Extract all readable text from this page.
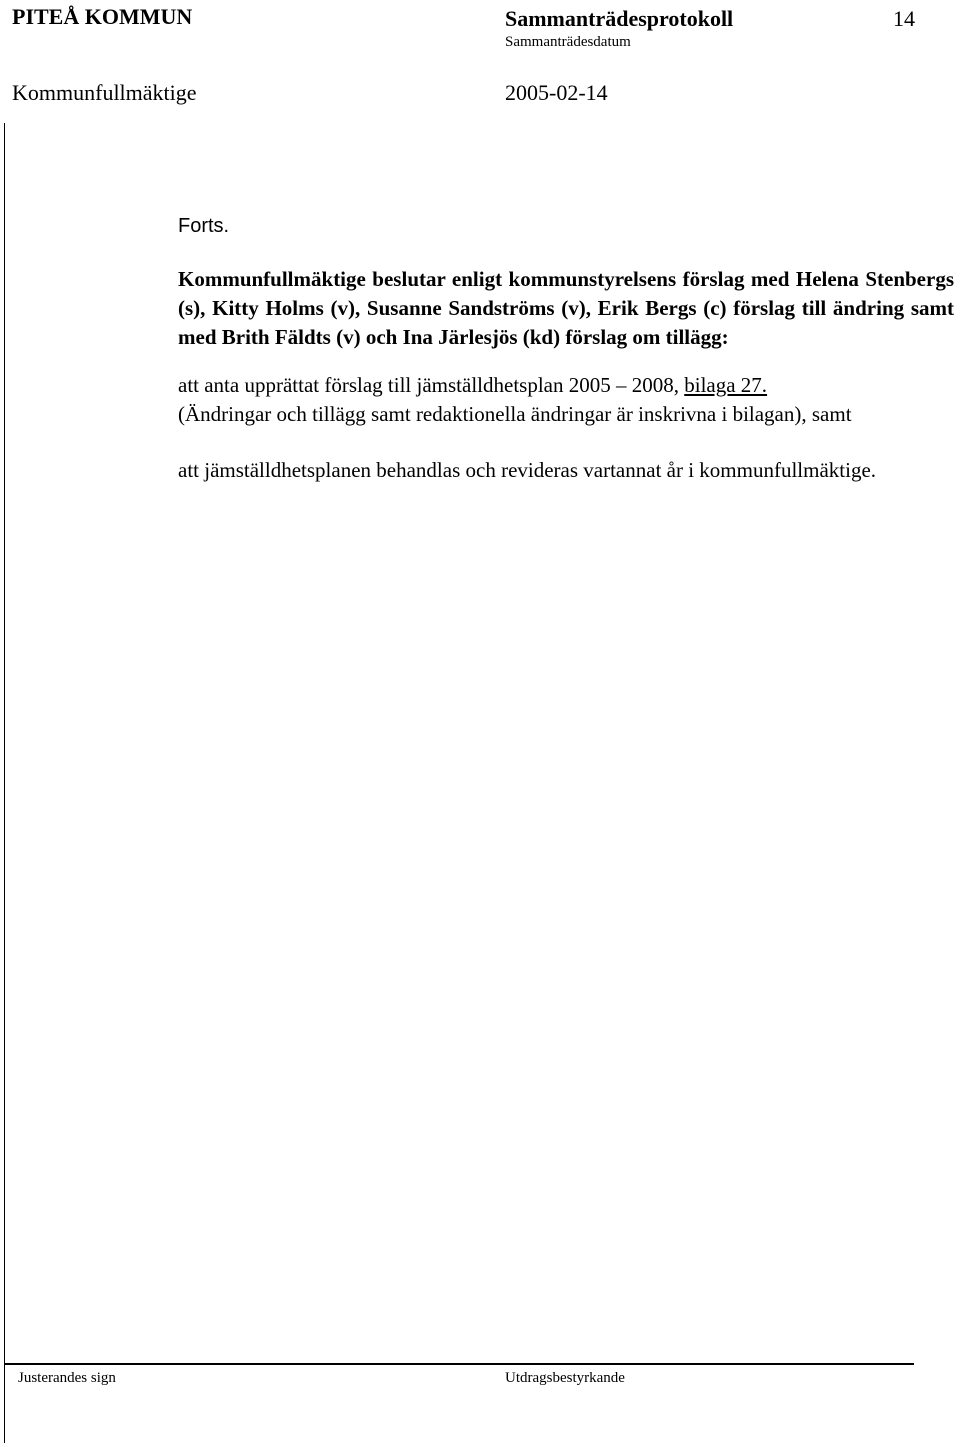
PITEÅ KOMMUN	Sammanträdesprotokoll	14
Sammanträdesdatum
Kommunfullmäktige	2005-02-14

Forts.

Kommunfullmäktige beslutar enligt kommunstyrelsens förslag med Helena Stenbergs (s), Kitty Holms (v), Susanne Sandströms (v), Erik Bergs (c) förslag till ändring samt med Brith Fäldts (v) och Ina Järlesjös (kd) förslag om tillägg:

att anta upprättat förslag till jämställdhetsplan 2005 – 2008, bilaga 27.
(Ändringar och tillägg samt redaktionella ändringar är inskrivna i bilagan), samt

att jämställdhetsplanen behandlas och revideras vartannat år i kommunfullmäktige.

Justerandes sign	Utdragsbestyrkande
